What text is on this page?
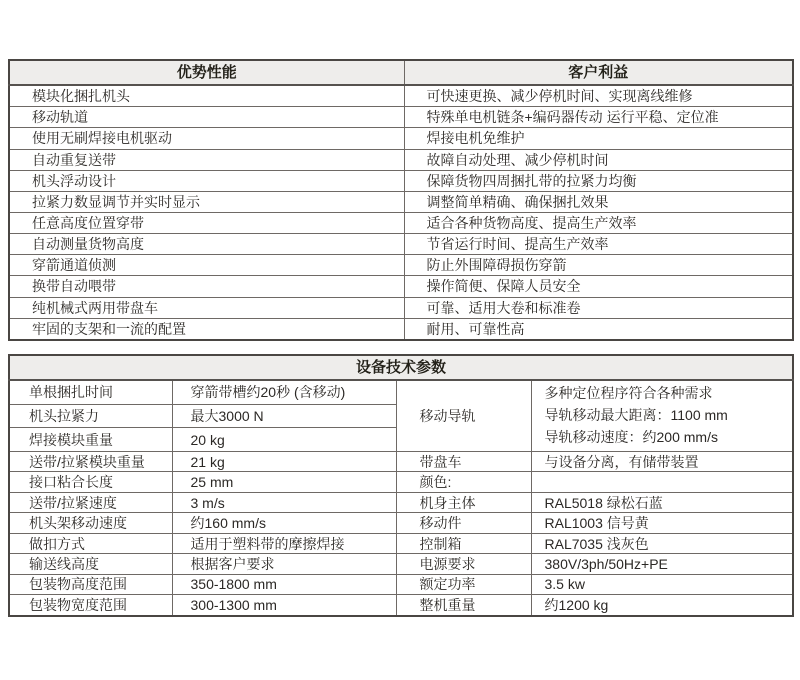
优势性能	客户利益
模块化捆扎机头	可快速更换、减少停机时间、实现离线维修
移动轨道	特殊单电机链条+编码器传动 运行平稳、定位准
使用无刷焊接电机驱动	焊接电机免维护
自动重复送带	故障自动处理、减少停机时间
机头浮动设计	保障货物四周捆扎带的拉紧力均衡
拉紧力数显调节并实时显示	调整简单精确、确保捆扎效果
任意高度位置穿带	适合各种货物高度、提高生产效率
自动测量货物高度	节省运行时间、提高生产效率
穿箭通道侦测	防止外围障碍损伤穿箭
换带自动喂带	操作简便、保障人员安全
纯机械式两用带盘车	可靠、适用大卷和标准卷
牢固的支架和一流的配置	耐用、可靠性高
设备技术参数			
单根捆扎时间	穿箭带槽约20秒 (含移动)	移动导轨	多种定位程序符合各种需求
导轨移动最大距离：1100 mm
导轨移动速度：约200 mm/s

机头拉紧力	最大3000 N		
焊接模块重量	20 kg		
送带/拉紧模块重量	21 kg	带盘车	与设备分离，有储带装置
接口粘合长度	25 mm	颜色:	
送带/拉紧速度	3 m/s	机身主体	RAL5018 绿松石蓝
机头架移动速度	约160 mm/s	移动件	RAL1003 信号黄
做扣方式	适用于塑料带的摩擦焊接	控制箱	RAL7035 浅灰色
输送线高度	根据客户要求	电源要求	380V/3ph/50Hz+PE
包装物高度范围	350-1800 mm	额定功率	3.5 kw
包装物宽度范围	300-1300 mm	整机重量	约1200 kg
